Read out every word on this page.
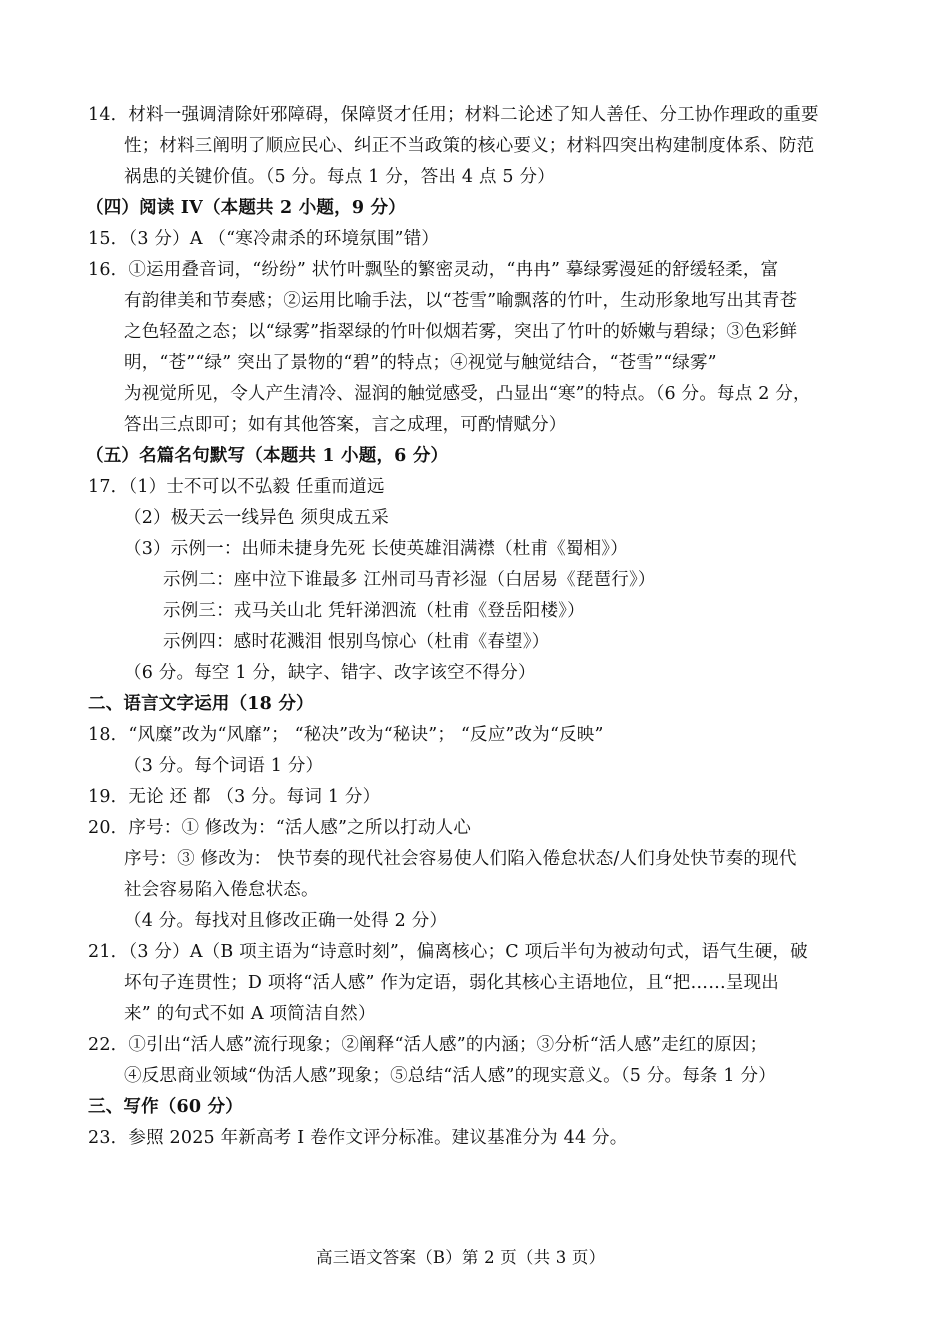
14．材料一强调清除奸邪障碍，保障贤才任用；材料二论述了知人善任、分工协作理政的重要
性；材料三阐明了顺应民心、纠正不当政策的核心要义；材料四突出构建制度体系、防范
祸患的关键价值。（5 分。每点 1 分，答出 4 点 5 分）
（四）阅读 IV（本题共 2 小题，9 分）
15．（3 分）A （“寒冷肃杀的环境氛围”错）
16．①运用叠音词，“纷纷” 状竹叶飘坠的繁密灵动，“冉冉” 摹绿雾漫延的舒缓轻柔，富
有韵律美和节奏感；②运用比喻手法，以“苍雪”喻飘落的竹叶，生动形象地写出其青苍
之色轻盈之态；以“绿雾”指翠绿的竹叶似烟若雾，突出了竹叶的娇嫩与碧绿；③色彩鲜
明，“苍”“绿” 突出了景物的“碧”的特点；④视觉与触觉结合，“苍雪”“绿雾”
为视觉所见，令人产生清冷、湿润的触觉感受，凸显出“寒”的特点。（6 分。每点 2 分，
答出三点即可；如有其他答案，言之成理，可酌情赋分）
（五）名篇名句默写（本题共 1 小题，6 分）
17．（1）士不可以不弘毅 任重而道远
（2）极天云一线异色 须臾成五采
（3）示例一：出师未捷身先死 长使英雄泪满襟（杜甫《蜀相》）
示例二：座中泣下谁最多 江州司马青衫湿（白居易《琵琶行》）
示例三：戎马关山北 凭轩涕泗流（杜甫《登岳阳楼》）
示例四：感时花溅泪 恨别鸟惊心（杜甫《春望》）
（6 分。每空 1 分，缺字、错字、改字该空不得分）
二、语言文字运用（18 分）
18．“风糜”改为“风靡”； “秘决”改为“秘诀”； “反应”改为“反映”
（3 分。每个词语 1 分）
19．无论 还 都 （3 分。每词 1 分）
20．序号：① 修改为：“活人感”之所以打动人心
序号：③ 修改为： 快节奏的现代社会容易使人们陷入倦怠状态/人们身处快节奏的现代
社会容易陷入倦怠状态。
（4 分。每找对且修改正确一处得 2 分）
21．（3 分）A（B 项主语为“诗意时刻”，偏离核心；C 项后半句为被动句式，语气生硬，破
坏句子连贯性；D 项将“活人感” 作为定语，弱化其核心主语地位，且“把……呈现出
来” 的句式不如 A 项简洁自然）
22．①引出“活人感”流行现象；②阐释“活人感”的内涵；③分析“活人感”走红的原因；
④反思商业领域“伪活人感”现象；⑤总结“活人感”的现实意义。（5 分。每条 1 分）
三、写作（60 分）
23．参照 2025 年新高考 I 卷作文评分标准。建议基准分为 44 分。
高三语文答案（B）第 2 页（共 3 页）
